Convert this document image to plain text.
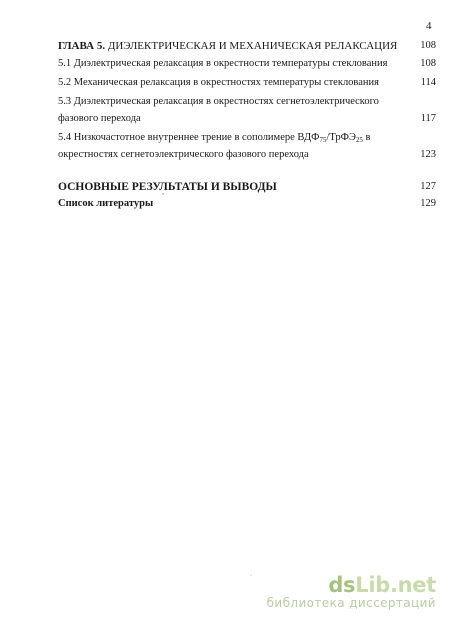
4
ГЛАВА 5. ДИЭЛЕКТРИЧЕСКАЯ И МЕХАНИЧЕСКАЯ РЕЛАКСАЦИЯ 108
5.1 Диэлектрическая релаксация в окрестности температуры стеклования	108
5.2 Механическая релаксация в окрестностях температуры стеклования	114
5.3 Диэлектрическая релаксация в окрестностях сегнетоэлектрического
фазового перехода	117
5.4 Низкочастотное внутреннее трение в сополимере $ВДФ_{75}/ТрФЭ_{25}$ в
окрестностях сегнетоэлектрического фазового перехода	123
ОСНОВНЫЕ РЕЗУЛЬТАТЫ И ВЫВОДЫ	127
Список литературы	129
dsLib.net
библиотека диссертаций
